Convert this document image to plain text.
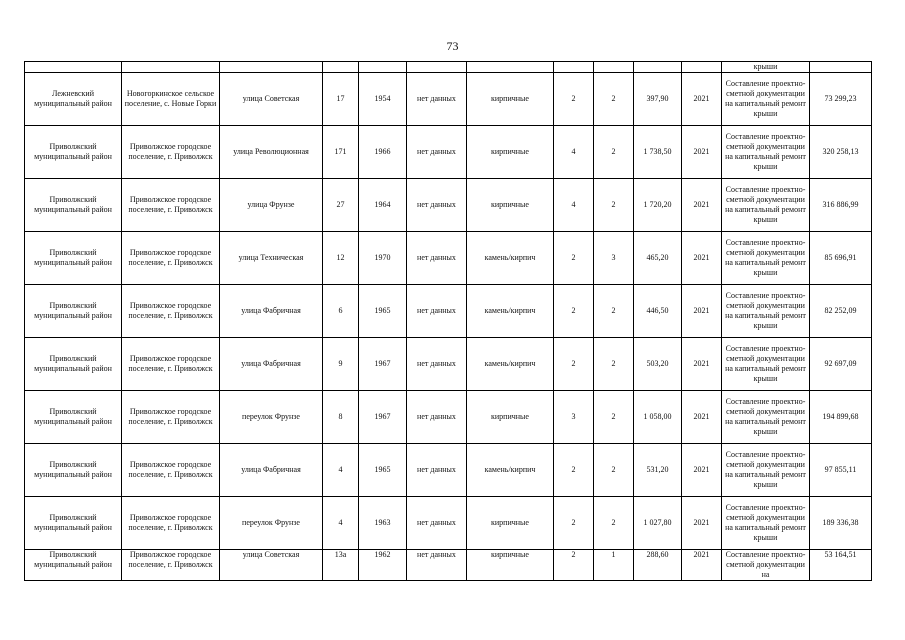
73
											крыши	
Лежневский муниципальный район	Новогоркинское сельское поселение, с. Новые Горки	улица Советская	17	1954	нет данных	кирпичные	2	2	397,90	2021	Составление проектно-сметной документации на капитальный ремонт крыши	73 299,23
Приволжский муниципальный район	Приволжское городское поселение, г. Приволжск	улица Революционная	171	1966	нет данных	кирпичные	4	2	1 738,50	2021	Составление проектно-сметной документации на капитальный ремонт крыши	320 258,13
Приволжский муниципальный район	Приволжское городское поселение, г. Приволжск	улица Фрунзе	27	1964	нет данных	кирпичные	4	2	1 720,20	2021	Составление проектно-сметной документации на капитальный ремонт крыши	316 886,99
Приволжский муниципальный район	Приволжское городское поселение, г. Приволжск	улица Техническая	12	1970	нет данных	камень/кирпич	2	3	465,20	2021	Составление проектно-сметной документации на капитальный ремонт крыши	85 696,91
Приволжский муниципальный район	Приволжское городское поселение, г. Приволжск	улица Фабричная	6	1965	нет данных	камень/кирпич	2	2	446,50	2021	Составление проектно-сметной документации на капитальный ремонт крыши	82 252,09
Приволжский муниципальный район	Приволжское городское поселение, г. Приволжск	улица Фабричная	9	1967	нет данных	камень/кирпич	2	2	503,20	2021	Составление проектно-сметной документации на капитальный ремонт крыши	92 697,09
Приволжский муниципальный район	Приволжское городское поселение, г. Приволжск	переулок Фрунзе	8	1967	нет данных	кирпичные	3	2	1 058,00	2021	Составление проектно-сметной документации на капитальный ремонт крыши	194 899,68
Приволжский муниципальный район	Приволжское городское поселение, г. Приволжск	улица Фабричная	4	1965	нет данных	камень/кирпич	2	2	531,20	2021	Составление проектно-сметной документации на капитальный ремонт крыши	97 855,11
Приволжский муниципальный район	Приволжское городское поселение, г. Приволжск	переулок Фрунзе	4	1963	нет данных	кирпичные	2	2	1 027,80	2021	Составление проектно-сметной документации на капитальный ремонт крыши	189 336,38
Приволжский муниципальный район	Приволжское городское поселение, г. Приволжск	улица Советская	13а	1962	нет данных	кирпичные	2	1	288,60	2021	Составление проектно-сметной документации на	53 164,51
